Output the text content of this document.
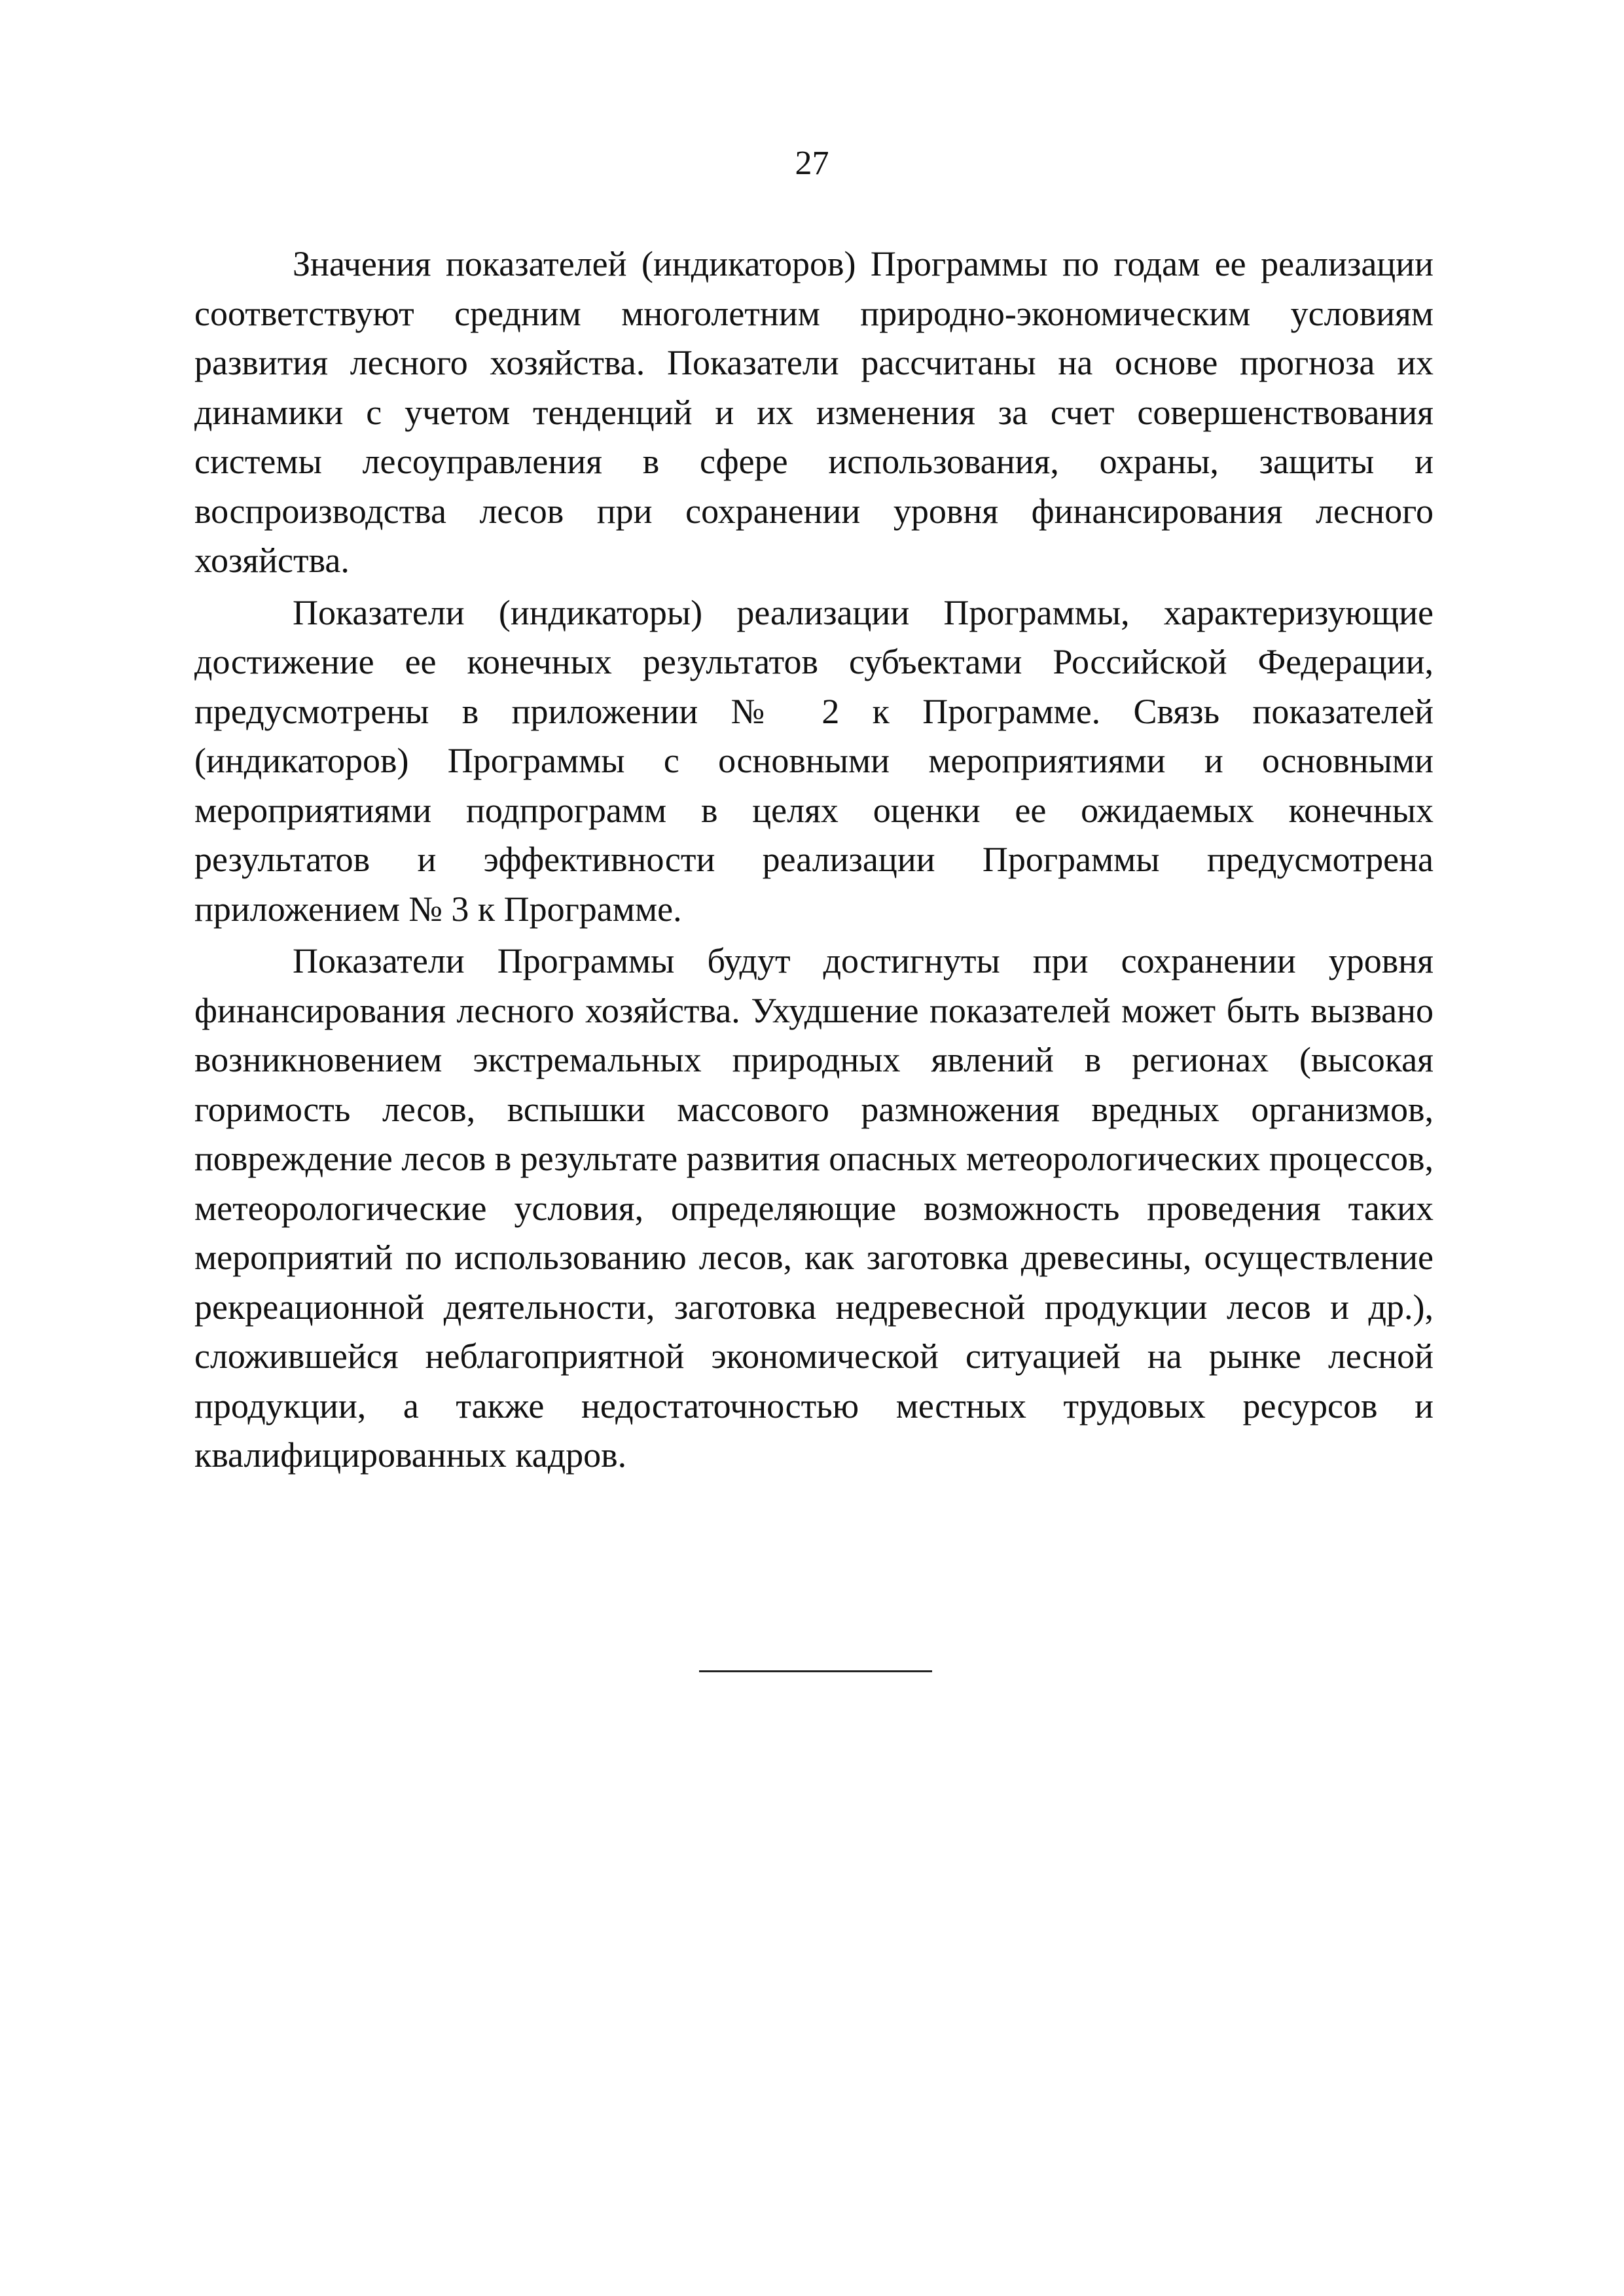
27

Значения показателей (индикаторов) Программы по годам ее реализации соответствуют средним многолетним природно-экономическим условиям развития лесного хозяйства. Показатели рассчитаны на основе прогноза их динамики с учетом тенденций и их изменения за счет совершенствования системы лесоуправления в сфере использования, охраны, защиты и воспроизводства лесов при сохранении уровня финансирования лесного хозяйства.

Показатели (индикаторы) реализации Программы, характеризующие достижение ее конечных результатов субъектами Российской Федерации, предусмотрены в приложении № 2 к Программе. Связь показателей (индикаторов) Программы с основными мероприятиями и основными мероприятиями подпрограмм в целях оценки ее ожидаемых конечных результатов и эффективности реализации Программы предусмотрена приложением № 3 к Программе.

Показатели Программы будут достигнуты при сохранении уровня финансирования лесного хозяйства. Ухудшение показателей может быть вызвано возникновением экстремальных природных явлений в регионах (высокая горимость лесов, вспышки массового размножения вредных организмов, повреждение лесов в результате развития опасных метеорологических процессов, метеорологические условия, определяющие возможность проведения таких мероприятий по использованию лесов, как заготовка древесины, осуществление рекреационной деятельности, заготовка недревесной продукции лесов и др.), сложившейся неблагоприятной экономической ситуацией на рынке лесной продукции, а также недостаточностью местных трудовых ресурсов и квалифицированных кадров.
